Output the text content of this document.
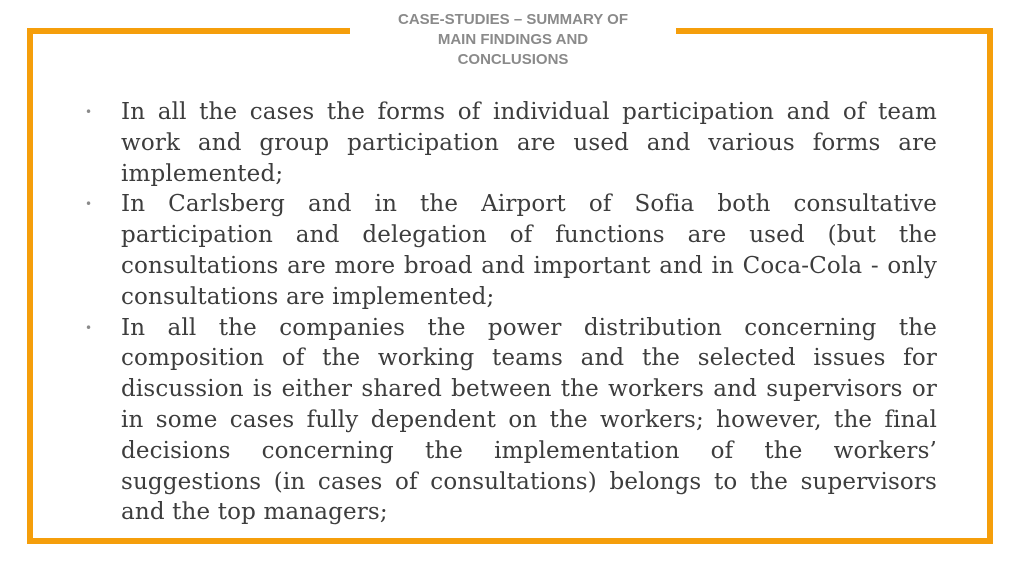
CASE-STUDIES – SUMMARY OF
MAIN FINDINGS AND
CONCLUSIONS
• In all the cases the forms of individual participation and of team work and group participation are used and various forms are implemented;
• In Carlsberg and in the Airport of Sofia both consultative participation and delegation of functions are used (but the consultations are more broad and important and in Coca-Cola - only consultations are implemented;
• In all the companies the power distribution concerning the composition of the working teams and the selected issues for discussion is either shared between the workers and supervisors or in some cases fully dependent on the workers; however, the final decisions concerning the implementation of the workers’ suggestions (in cases of consultations) belongs to the supervisors and the top managers;
